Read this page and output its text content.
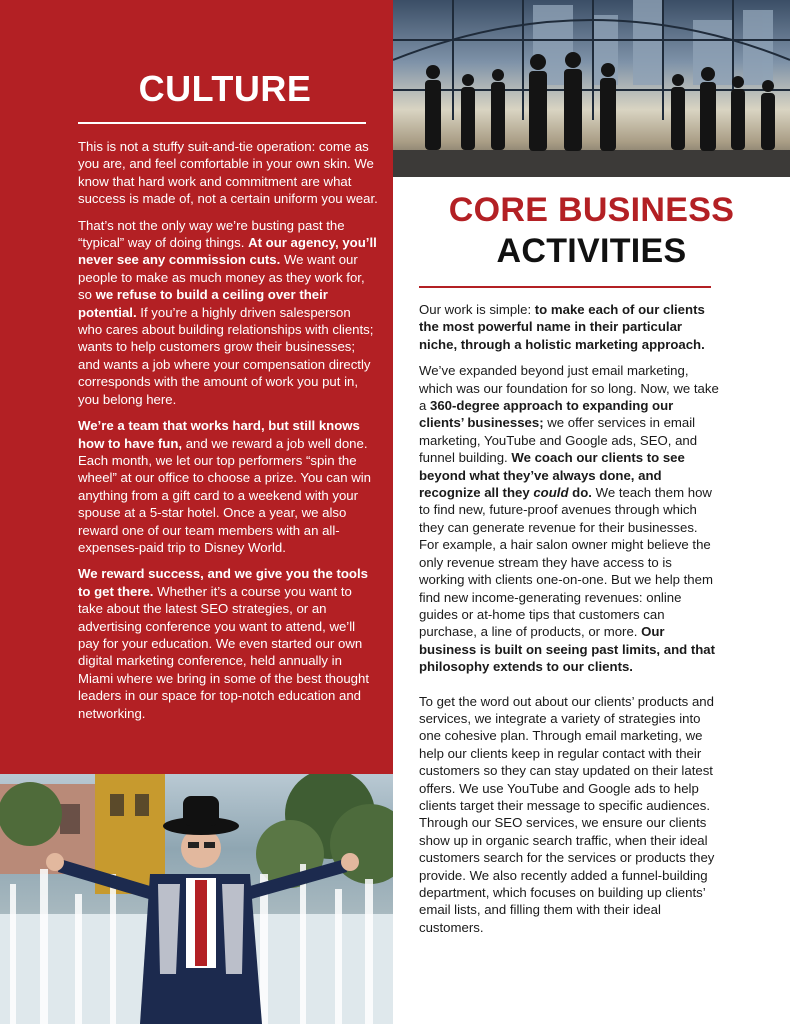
CULTURE

This is not a stuffy suit-and-tie operation: come as you are, and feel comfortable in your own skin. We know that hard work and commitment are what success is made of, not a certain uniform you wear.

That’s not the only way we’re busting past the “typical” way of doing things. At our agency, you’ll never see any commission cuts. We want our people to make as much money as they work for, so we refuse to build a ceiling over their potential. If you’re a highly driven salesperson who cares about building relationships with clients; wants to help customers grow their businesses; and wants a job where your compensation directly corresponds with the amount of work you put in, you belong here.

We’re a team that works hard, but still knows how to have fun, and we reward a job well done. Each month, we let our top performers “spin the wheel” at our office to choose a prize. You can win anything from a gift card to a weekend with your spouse at a 5-star hotel. Once a year, we also reward one of our team members with an all-expenses-paid trip to Disney World.

We reward success, and we give you the tools to get there. Whether it’s a course you want to take about the latest SEO strategies, or an advertising conference you want to attend, we’ll pay for your education. We even started our own digital marketing conference, held annually in Miami where we bring in some of the best thought leaders in our space for top-notch education and networking.

CORE BUSINESS
ACTIVITIES

Our work is simple: to make each of our clients the most powerful name in their particular niche, through a holistic marketing approach.

We’ve expanded beyond just email marketing, which was our foundation for so long. Now, we take a 360-degree approach to expanding our clients’ businesses; we offer services in email marketing, YouTube and Google ads, SEO, and funnel building. We coach our clients to see beyond what they’ve always done, and recognize all they could do. We teach them how to find new, future-proof avenues through which they can generate revenue for their businesses. For example, a hair salon owner might believe the only revenue stream they have access to is working with clients one-on-one. But we help them find new income-generating revenues: online guides or at-home tips that customers can purchase, a line of products, or more. Our business is built on seeing past limits, and that philosophy extends to our clients.

To get the word out about our clients’ products and services, we integrate a variety of strategies into one cohesive plan. Through email marketing, we help our clients keep in regular contact with their customers so they can stay updated on their latest offers. We use YouTube and Google ads to help clients target their message to specific audiences. Through our SEO services, we ensure our clients show up in organic search traffic, when their ideal customers search for the services or products they provide. We also recently added a funnel-building department, which focuses on building up clients’ email lists, and filling them with their ideal customers.
